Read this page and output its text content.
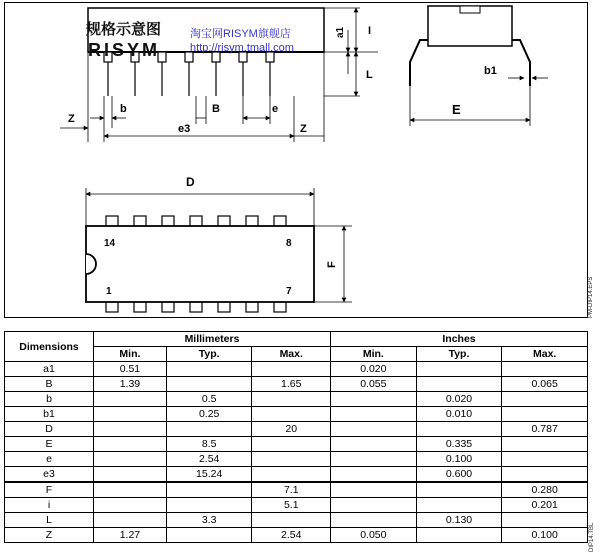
a1 I
L
b	B	e
Z
e3	Z
规格示意图
RISYM
淘宝网RISYM旗舰店
http://risym.tmall.com
b1
E
14	8
1	7
D
F
PM-DIP14.EPS
Dimensions	Millimeters			Inches		
	Min.	Typ.	Max.	Min.	Typ.	Max.
a1	0.51			0.020		
B	1.39		1.65	0.055		0.065
b		0.5			0.020	
b1		0.25			0.010	
D			20			0.787
E		8.5			0.335	
e		2.54			0.100	
e3		15.24			0.600	
F			7.1			0.280
i			5.1			0.201
L		3.3			0.130	
Z	1.27		2.54	0.050		0.100	DIP14.TBL
